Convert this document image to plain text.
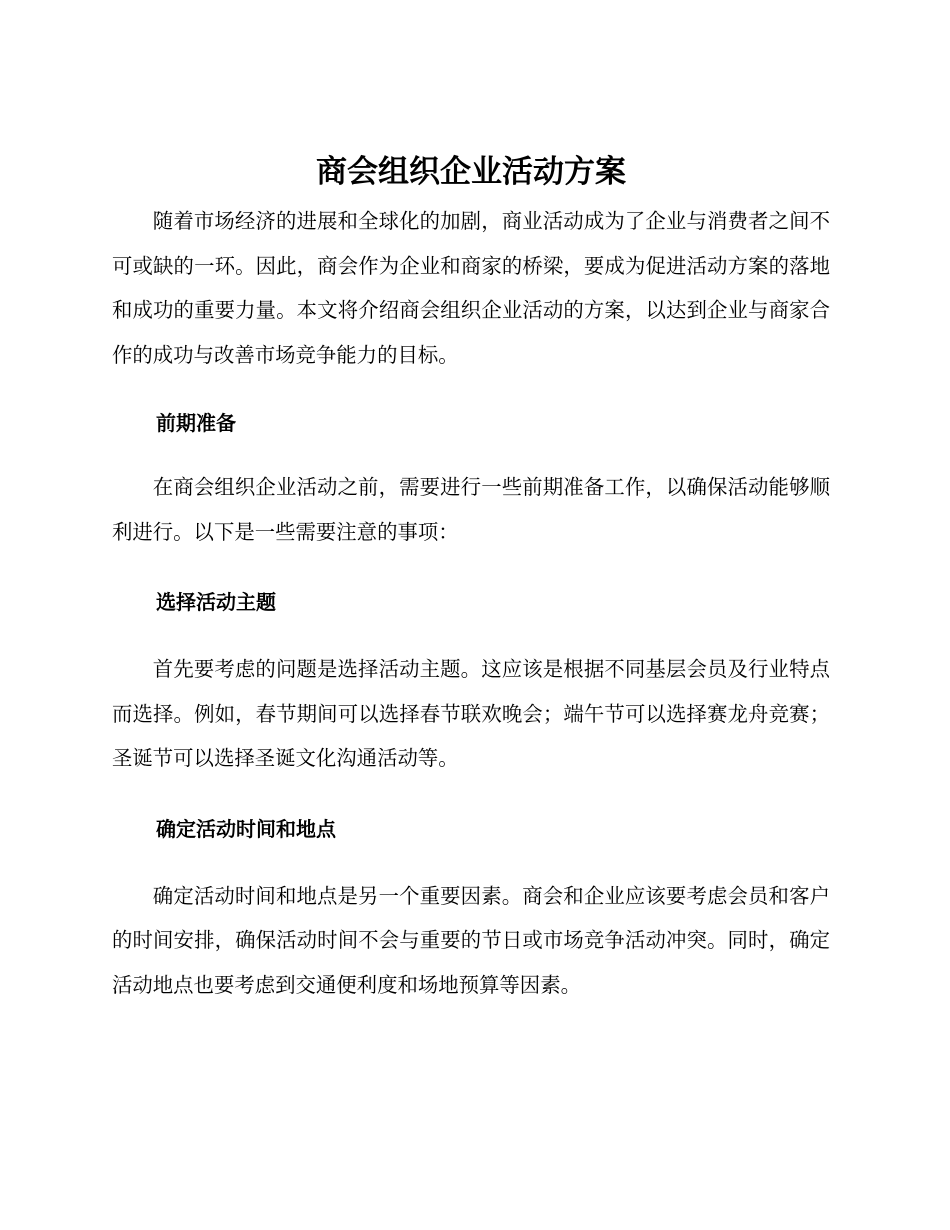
商会组织企业活动方案

随着市场经济的进展和全球化的加剧，商业活动成为了企业与消费者之间不可或缺的一环。因此，商会作为企业和商家的桥梁，要成为促进活动方案的落地和成功的重要力量。本文将介绍商会组织企业活动的方案，以达到企业与商家合作的成功与改善市场竞争能力的目标。

前期准备

在商会组织企业活动之前，需要进行一些前期准备工作，以确保活动能够顺利进行。以下是一些需要注意的事项：

选择活动主题

首先要考虑的问题是选择活动主题。这应该是根据不同基层会员及行业特点而选择。例如，春节期间可以选择春节联欢晚会；端午节可以选择赛龙舟竞赛；圣诞节可以选择圣诞文化沟通活动等。

确定活动时间和地点

确定活动时间和地点是另一个重要因素。商会和企业应该要考虑会员和客户的时间安排，确保活动时间不会与重要的节日或市场竞争活动冲突。同时，确定活动地点也要考虑到交通便利度和场地预算等因素。
